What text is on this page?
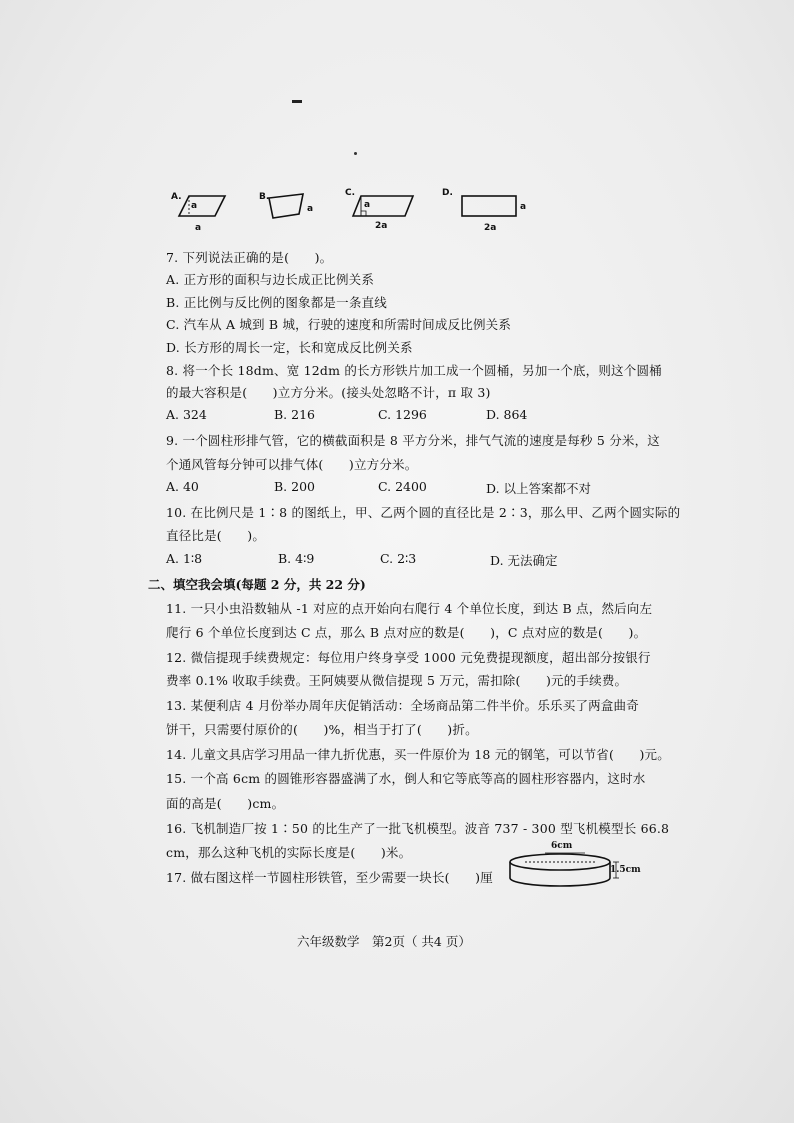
A.
a
a
B.
a
C.
a
2a
D.
a
2a
7. 下列说法正确的是(　　)。
A. 正方形的面积与边长成正比例关系
B. 正比例与反比例的图象都是一条直线
C. 汽车从 A 城到 B 城，行驶的速度和所需时间成反比例关系
D. 长方形的周长一定，长和宽成反比例关系
8. 将一个长 18dm、宽 12dm 的长方形铁片加工成一个圆桶，另加一个底，则这个圆桶
的最大容积是(　　)立方分米。(接头处忽略不计，π 取 3)
A. 324	B. 216	C. 1296	D. 864
9. 一个圆柱形排气管，它的横截面积是 8 平方分米，排气气流的速度是每秒 5 分米，这
个通风管每分钟可以排气体(　　)立方分米。
A. 40	B. 200	C. 2400	D. 以上答案都不对
10. 在比例尺是 1∶8 的图纸上，甲、乙两个圆的直径比是 2∶3，那么甲、乙两个圆实际的
直径比是(　　)。
A. 1∶8	B. 4∶9	C. 2∶3	D. 无法确定
二、填空我会填(每题 2 分，共 22 分)
11. 一只小虫沿数轴从 -1 对应的点开始向右爬行 4 个单位长度，到达 B 点，然后向左
爬行 6 个单位长度到达 C 点，那么 B 点对应的数是(　　)，C 点对应的数是(　　)。
12. 微信提现手续费规定：每位用户终身享受 1000 元免费提现额度，超出部分按银行
费率 0.1% 收取手续费。王阿姨要从微信提现 5 万元，需扣除(　　)元的手续费。
13. 某便利店 4 月份举办周年庆促销活动：全场商品第二件半价。乐乐买了两盒曲奇
饼干，只需要付原价的(　　)%，相当于打了(　　)折。
14. 儿童文具店学习用品一律九折优惠，买一件原价为 18 元的钢笔，可以节省(　　)元。
15. 一个高 6cm 的圆锥形容器盛满了水，倒人和它等底等高的圆柱形容器内，这时水
面的高是(　　)cm。
16. 飞机制造厂按 1∶50 的比生产了一批飞机模型。波音 737 - 300 型飞机模型长 66.8
cm，那么这种飞机的实际长度是(　　)米。
17. 做右图这样一节圆柱形铁管，至少需要一块长(　　)厘
6cm
1.5cm
六年级数学　第2页（ 共4 页）
